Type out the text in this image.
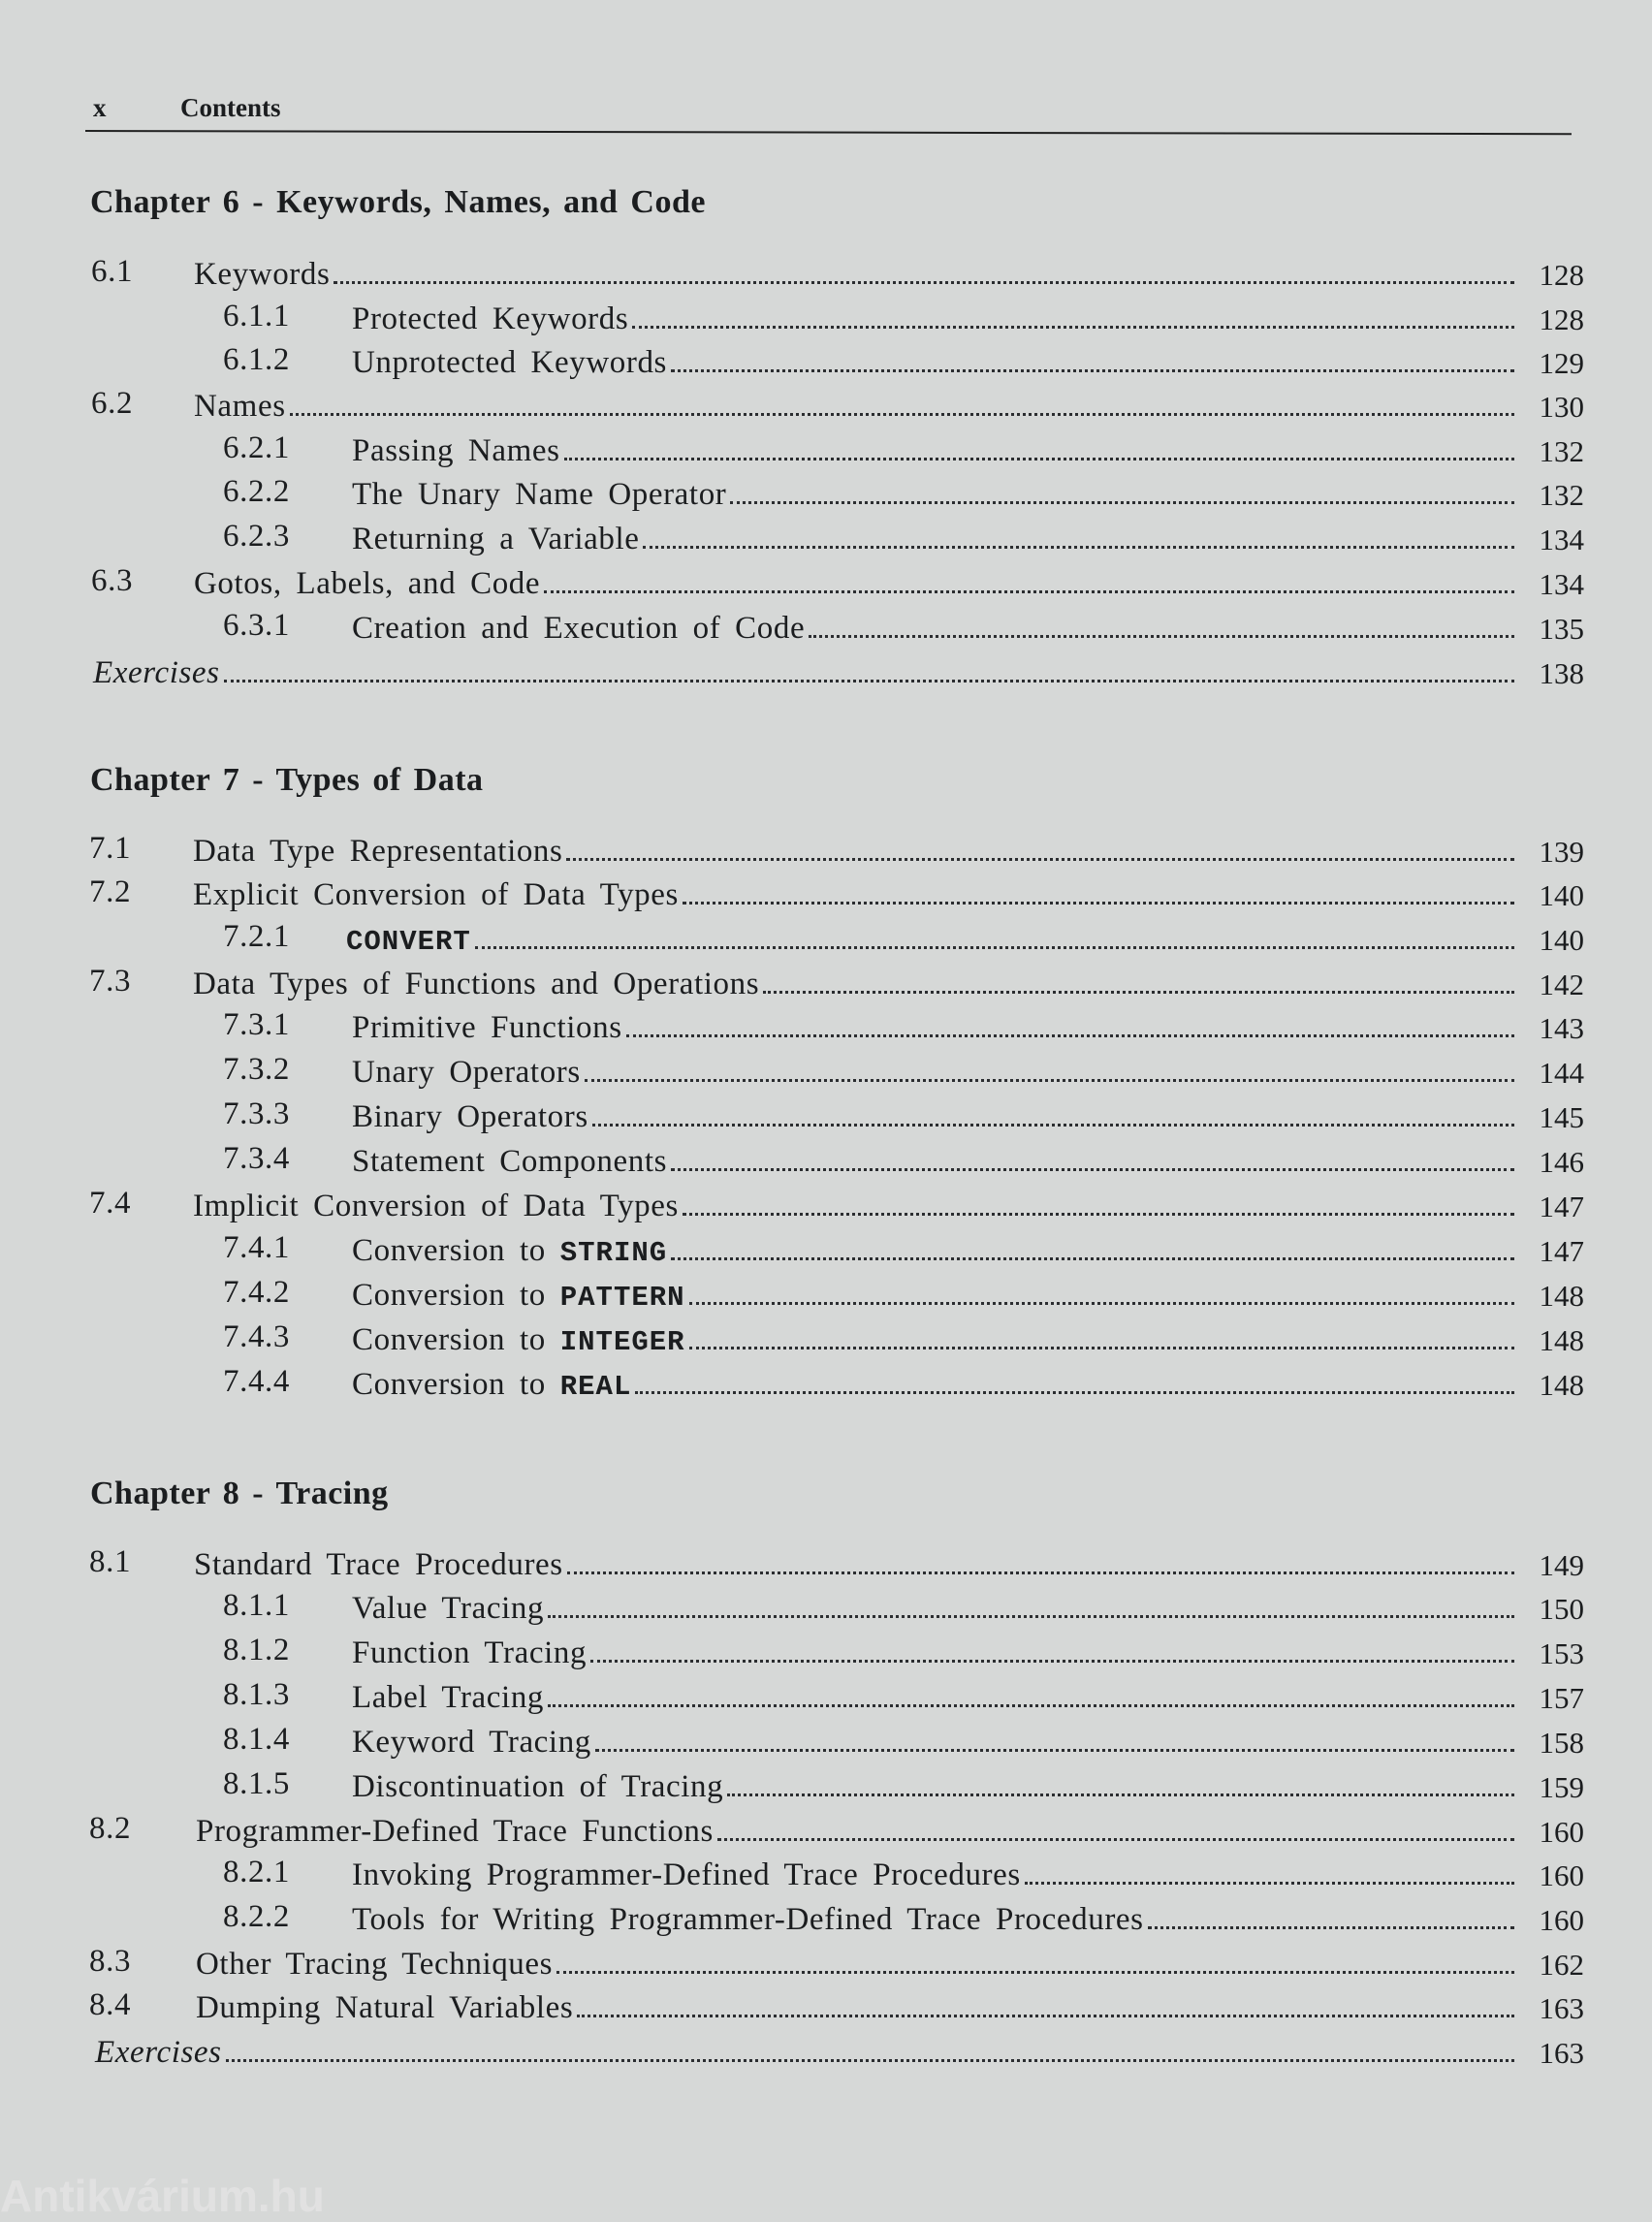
x	Contents
Chapter 6 - Keywords, Names, and Code
6.1 Keywords	128
6.1.1 Protected Keywords	128
6.1.2 Unprotected Keywords	129
6.2 Names	130
6.2.1 Passing Names	132
6.2.2 The Unary Name Operator	132
6.2.3 Returning a Variable	134
6.3 Gotos, Labels, and Code	134
6.3.1 Creation and Execution of Code	135
Exercises	138
Chapter 7 - Types of Data
7.1 Data Type Representations	139
7.2 Explicit Conversion of Data Types	140
7.2.1 CONVERT	140
7.3 Data Types of Functions and Operations	142
7.3.1 Primitive Functions	143
7.3.2 Unary Operators	144
7.3.3 Binary Operators	145
7.3.4 Statement Components	146
7.4 Implicit Conversion of Data Types	147
7.4.1 Conversion to STRING	147
7.4.2 Conversion to PATTERN	148
7.4.3 Conversion to INTEGER	148
7.4.4 Conversion to REAL	148
Chapter 8 - Tracing
8.1 Standard Trace Procedures	149
8.1.1 Value Tracing	150
8.1.2 Function Tracing	153
8.1.3 Label Tracing	157
8.1.4 Keyword Tracing	158
8.1.5 Discontinuation of Tracing	159
8.2 Programmer-Defined Trace Functions	160
8.2.1 Invoking Programmer-Defined Trace Procedures	160
8.2.2 Tools for Writing Programmer-Defined Trace Procedures	160
8.3 Other Tracing Techniques	162
8.4 Dumping Natural Variables	163
Exercises	163
Antikvárium.hu
